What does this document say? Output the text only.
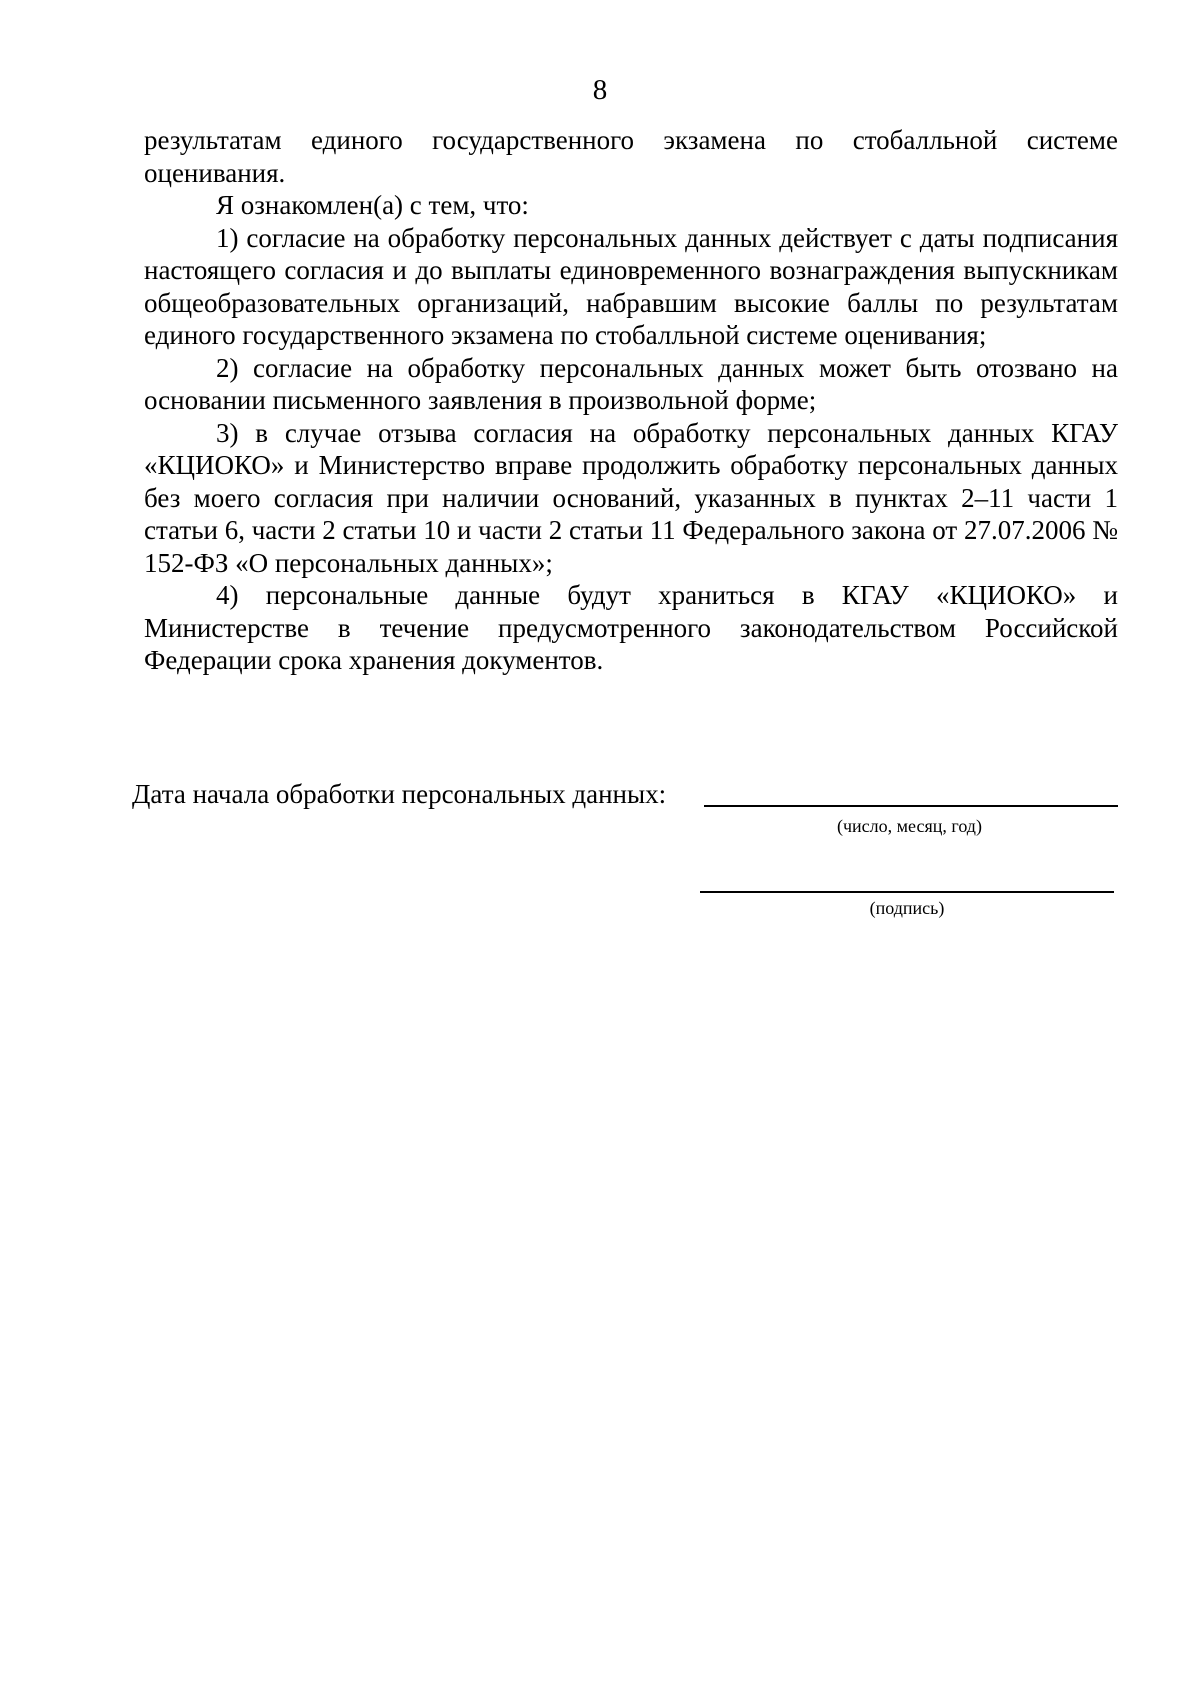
8

результатам единого государственного экзамена по стобалльной системе оценивания.

Я ознакомлен(а) с тем, что:

1) согласие на обработку персональных данных действует с даты подписания настоящего согласия и до выплаты единовременного вознаграждения выпускникам общеобразовательных организаций, набравшим высокие баллы по результатам единого государственного экзамена по стобалльной системе оценивания;

2) согласие на обработку персональных данных может быть отозвано на основании письменного заявления в произвольной форме;

3) в случае отзыва согласия на обработку персональных данных КГАУ «КЦИОКО» и Министерство вправе продолжить обработку персональных данных без моего согласия при наличии оснований, указанных в пунктах 2–11 части 1 статьи 6, части 2 статьи 10 и части 2 статьи 11 Федерального закона от 27.07.2006 № 152-ФЗ «О персональных данных»;

4) персональные данные будут храниться в КГАУ «КЦИОКО» и Министерстве в течение предусмотренного законодательством Российской Федерации срока хранения документов.

Дата начала обработки персональных данных:
(число, месяц, год)
(подпись)
